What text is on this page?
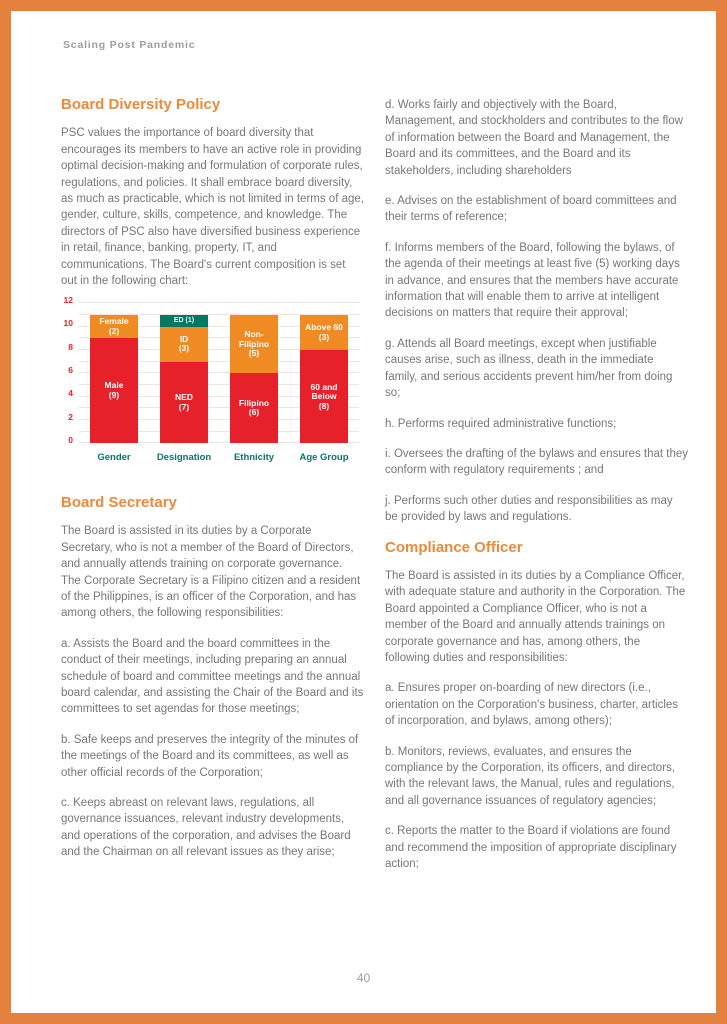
Scaling Post Pandemic
Board Diversity Policy

PSC values the importance of board diversity that encourages its members to have an active role in providing optimal decision-making and formulation of corporate rules, regulations, and policies. It shall embrace board diversity, as much as practicable, which is not limited in terms of age, gender, culture, skills, competence, and knowledge. The directors of PSC also have diversified business experience in retail, finance, banking, property, IT, and communications. The Board's current composition is set out in the following chart:

0
2
4
6
8
10
12
Male
(9)
Female
(2)
NED
(7)
ID
(3)
ED (1)
Filipino
(6)
Non-Filipino
(5)
60 and Below
(8)
Above 60
(3)
Gender	Designation	Ethnicity	Age Group
Board Secretary

The Board is assisted in its duties by a Corporate Secretary, who is not a member of the Board of Directors, and annually attends training on corporate governance. The Corporate Secretary is a Filipino citizen and a resident of the Philippines, is an officer of the Corporation, and has among others, the following responsibilities:

a. Assists the Board and the board committees in the conduct of their meetings, including preparing an annual schedule of board and committee meetings and the annual board calendar, and assisting the Chair of the Board and its committees to set agendas for those meetings;

b. Safe keeps and preserves the integrity of the minutes of the meetings of the Board and its committees, as well as other official records of the Corporation;

c. Keeps abreast on relevant laws, regulations, all governance issuances, relevant industry developments, and operations of the corporation, and advises the Board and the Chairman on all relevant issues as they arise;

d. Works fairly and objectively with the Board, Management, and stockholders and contributes to the flow of information between the Board and Management, the Board and its committees, and the Board and its stakeholders, including shareholders

e. Advises on the establishment of board committees and their terms of reference;

f. Informs members of the Board, following the bylaws, of the agenda of their meetings at least five (5) working days in advance, and ensures that the members have accurate information that will enable them to arrive at intelligent decisions on matters that require their approval;

g. Attends all Board meetings, except when justifiable causes arise, such as illness, death in the immediate family, and serious accidents prevent him/her from doing so;

h. Performs required administrative functions;

i. Oversees the drafting of the bylaws and ensures that they conform with regulatory requirements ; and

j. Performs such other duties and responsibilities as may be provided by laws and regulations.

Compliance Officer

The Board is assisted in its duties by a Compliance Officer, with adequate stature and authority in the Corporation. The Board appointed a Compliance Officer, who is not a member of the Board and annually attends trainings on corporate governance and has, among others, the following duties and responsibilities:

a. Ensures proper on-boarding of new directors (i.e., orientation on the Corporation's business, charter, articles of incorporation, and bylaws, among others);

b. Monitors, reviews, evaluates, and ensures the compliance by the Corporation, its officers, and directors, with the relevant laws, the Manual, rules and regulations, and all governance issuances of regulatory agencies;

c. Reports the matter to the Board if violations are found and recommend the imposition of appropriate disciplinary action;

40
